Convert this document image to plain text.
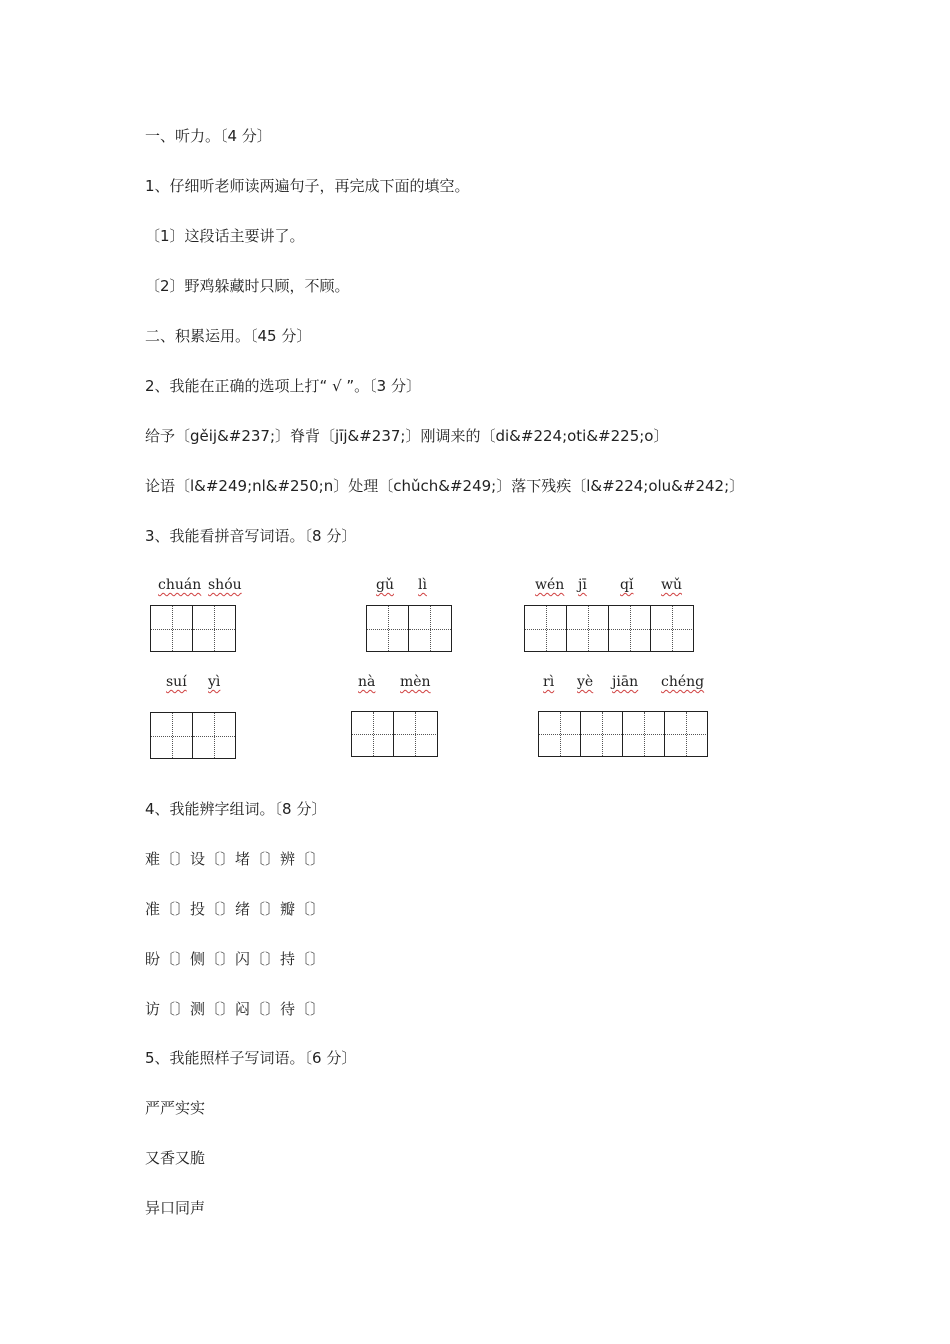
一、听力。〔4 分〕
1、仔细听老师读两遍句子，再完成下面的填空。
〔1〕这段话主要讲了。
〔2〕野鸡躲藏时只顾，不顾。
二、积累运用。〔45 分〕
2、我能在正确的选项上打“ √ ”。〔3 分〕
给予〔gěij&#237;〕脊背〔jīj&#237;〕刚调来的〔di&#224;oti&#225;o〕
论语〔l&#249;nl&#250;n〕处理〔chǔch&#249;〕落下残疾〔l&#224;olu&#242;〕
3、我能看拼音写词语。〔8 分〕
chuán shóu	gǔ lì	wén jī qǐ wǔ
suí yì	nà mèn	rì yè jiān chéng
4、我能辨字组词。〔8 分〕
难〔〕设〔〕堵〔〕辨〔〕
准〔〕投〔〕绪〔〕瓣〔〕
盼〔〕侧〔〕闪〔〕持〔〕
访〔〕测〔〕闷〔〕待〔〕
5、我能照样子写词语。〔6 分〕
严严实实
又香又脆
异口同声
